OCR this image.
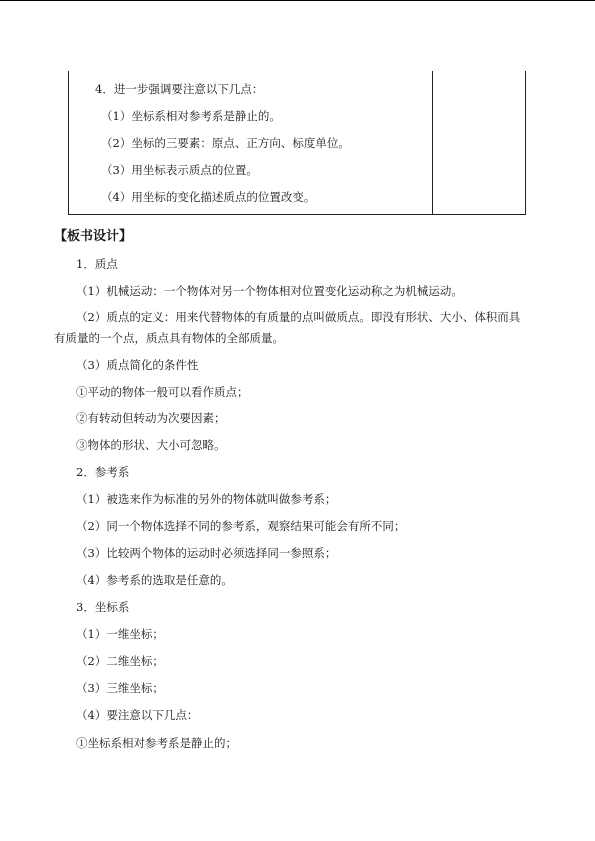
4．进一步强调要注意以下几点：
（1）坐标系相对参考系是静止的。
（2）坐标的三要素：原点、正方向、标度单位。
（3）用坐标表示质点的位置。
（4）用坐标的变化描述质点的位置改变。
【板书设计】
1．质点
（1）机械运动：一个物体对另一个物体相对位置变化运动称之为机械运动。
（2）质点的定义：用来代替物体的有质量的点叫做质点。即没有形状、大小、体积而具
有质量的一个点，质点具有物体的全部质量。
（3）质点简化的条件性
①平动的物体一般可以看作质点；
②有转动但转动为次要因素；
③物体的形状、大小可忽略。
2．参考系
（1）被选来作为标准的另外的物体就叫做参考系；
（2）同一个物体选择不同的参考系，观察结果可能会有所不同；
（3）比较两个物体的运动时必须选择同一参照系；
（4）参考系的选取是任意的。
3．坐标系
（1）一维坐标；
（2）二维坐标；
（3）三维坐标；
（4）要注意以下几点：
①坐标系相对参考系是静止的；
